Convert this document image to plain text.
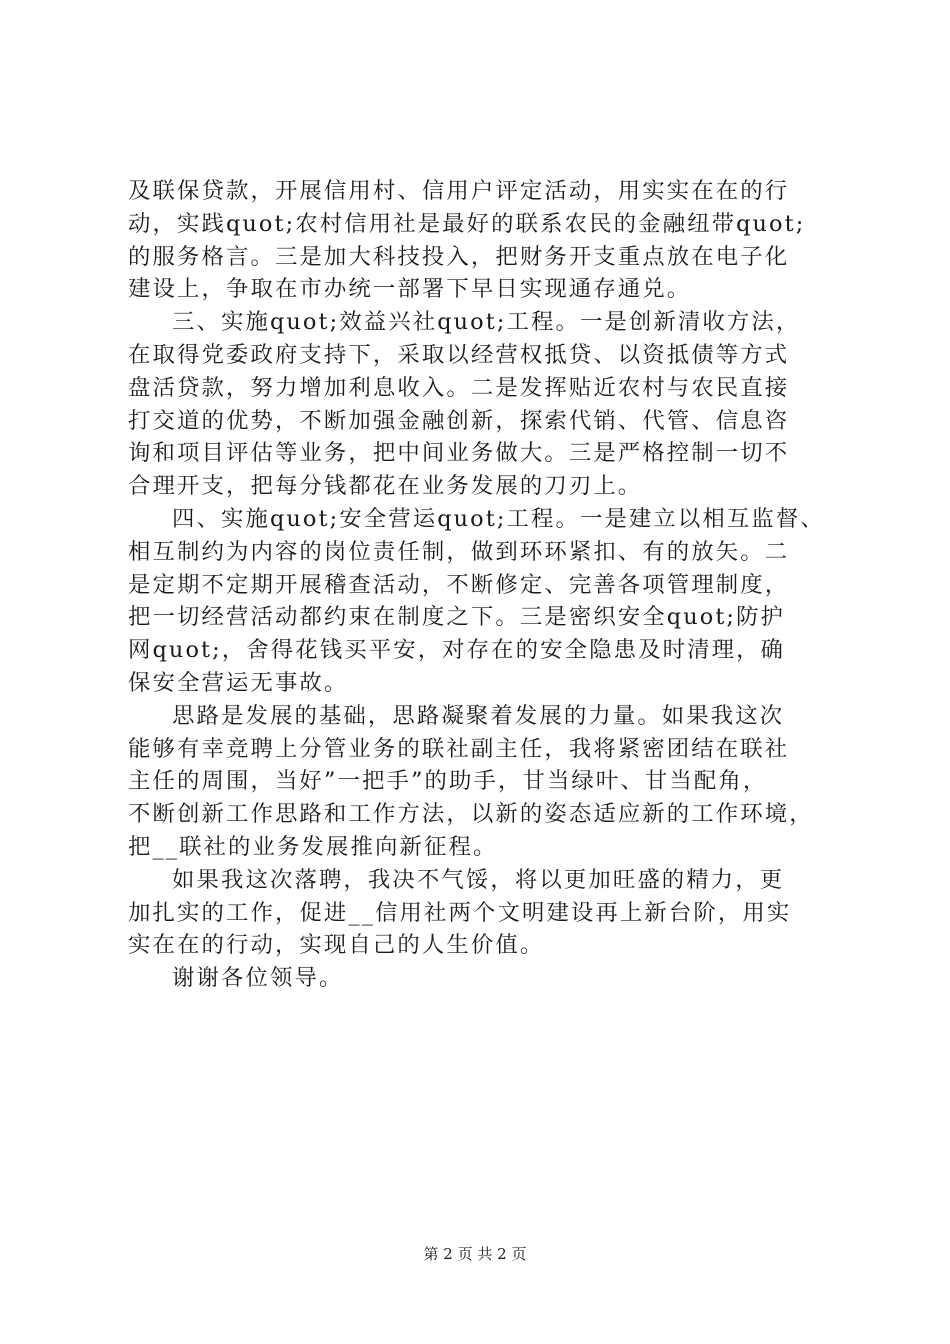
及联保贷款，开展信用村、信用户评定活动，用实实在在的行
动，实践quot;农村信用社是最好的联系农民的金融纽带quot;
的服务格言。三是加大科技投入，把财务开支重点放在电子化
建设上，争取在市办统一部署下早日实现通存通兑。
三、实施quot;效益兴社quot;工程。一是创新清收方法，
在取得党委政府支持下，采取以经营权抵贷、以资抵债等方式
盘活贷款，努力增加利息收入。二是发挥贴近农村与农民直接
打交道的优势，不断加强金融创新，探索代销、代管、信息咨
询和项目评估等业务，把中间业务做大。三是严格控制一切不
合理开支，把每分钱都花在业务发展的刀刃上。
四、实施quot;安全营运quot;工程。一是建立以相互监督、
相互制约为内容的岗位责任制，做到环环紧扣、有的放矢。二
是定期不定期开展稽查活动，不断修定、完善各项管理制度，
把一切经营活动都约束在制度之下。三是密织安全quot;防护
网quot;，舍得花钱买平安，对存在的安全隐患及时清理，确
保安全营运无事故。
思路是发展的基础，思路凝聚着发展的力量。如果我这次
能够有幸竞聘上分管业务的联社副主任，我将紧密团结在联社
主任的周围，当好”一把手”的助手，甘当绿叶、甘当配角，
不断创新工作思路和工作方法，以新的姿态适应新的工作环境，
把__联社的业务发展推向新征程。
如果我这次落聘，我决不气馁，将以更加旺盛的精力，更
加扎实的工作，促进__信用社两个文明建设再上新台阶，用实
实在在的行动，实现自己的人生价值。
谢谢各位领导。
第 2 页 共 2 页
